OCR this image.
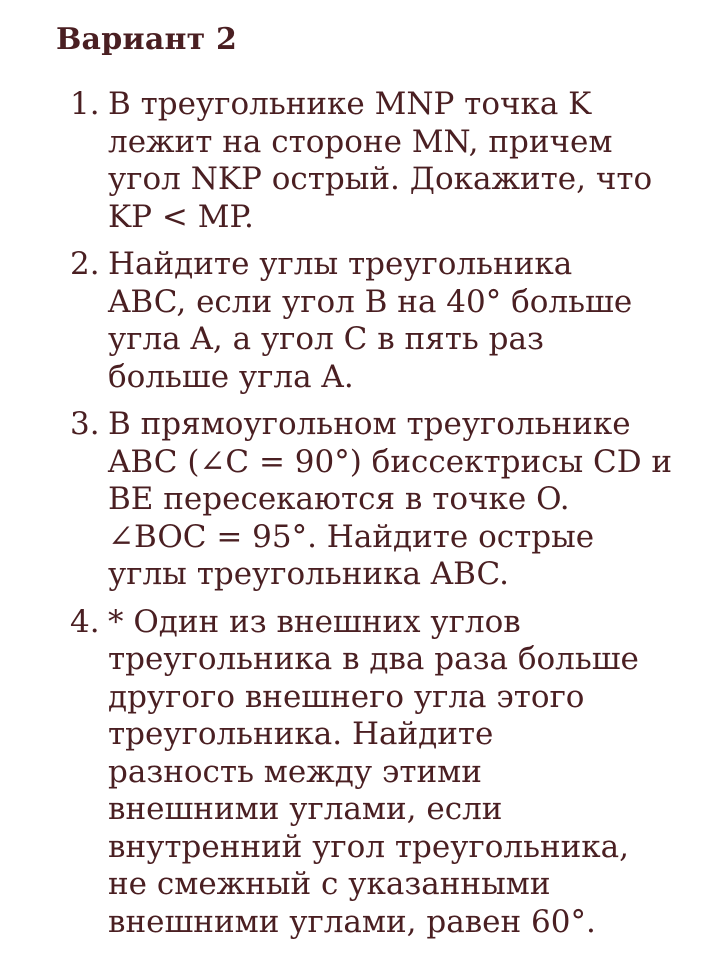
Вариант 2
1. В треугольнике MNP точка K
лежит на стороне MN, причем
угол NKP острый. Докажите, что
KP < MP.
2. Найдите углы треугольника
ABC, если угол B на 40° больше
угла A, а угол C в пять раз
больше угла A.
3. В прямоугольном треугольнике
ABC (∠C = 90°) биссектрисы CD и
BE пересекаются в точке O.
∠BOC = 95°. Найдите острые
углы треугольника ABC.
4. * Один из внешних углов
треугольника в два раза больше
другого внешнего угла этого
треугольника. Найдите
разность между этими
внешними углами, если
внутренний угол треугольника,
не смежный с указанными
внешними углами, равен 60°.
